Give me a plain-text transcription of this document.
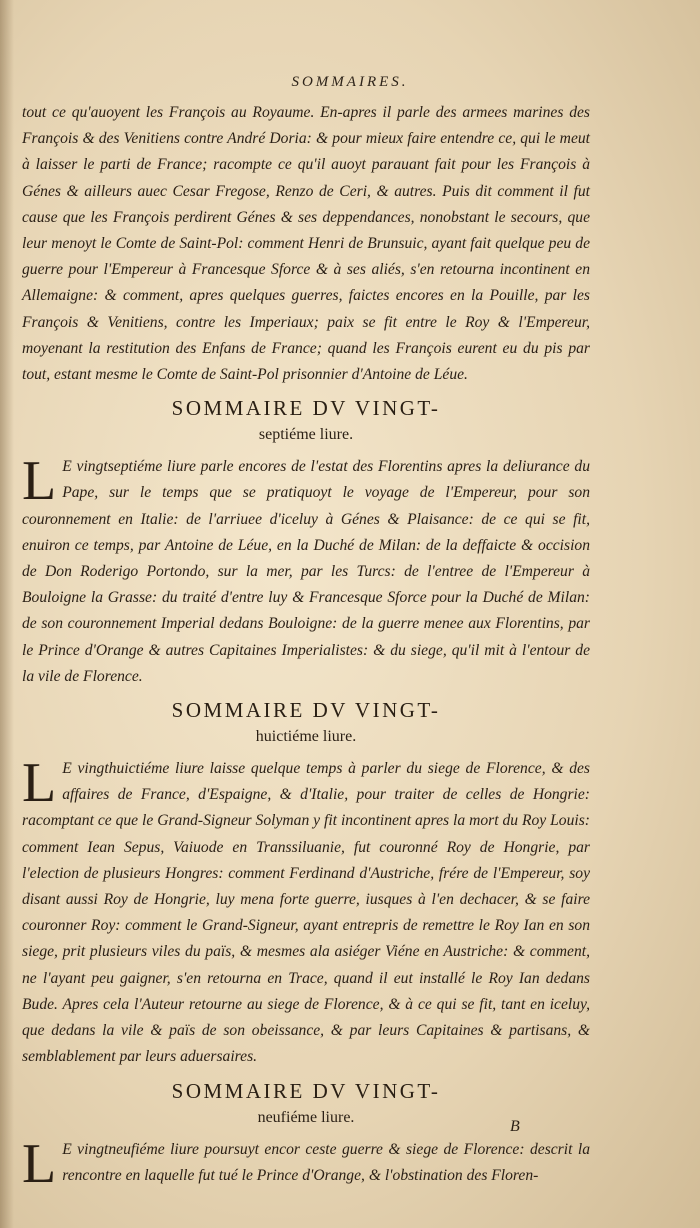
SOMMAIRES.

tout ce qu'auoyent les François au Royaume. En-apres il parle des armees marines des François & des Venitiens contre André Doria: & pour mieux faire entendre ce, qui le meut à laisser le parti de France; racompte ce qu'il auoyt parauant fait pour les François à Génes & ailleurs auec Cesar Fregose, Renzo de Ceri, & autres. Puis dit comment il fut cause que les François perdirent Génes & ses deppendances, nonobstant le secours, que leur menoyt le Comte de Saint-Pol: comment Henri de Brunsuic, ayant fait quelque peu de guerre pour l'Empereur à Francesque Sforce & à ses aliés, s'en retourna incontinent en Allemaigne: & comment, apres quelques guerres, faictes encores en la Pouille, par les François & Venitiens, contre les Imperiaux; paix se fit entre le Roy & l'Empereur, moyenant la restitution des Enfans de France; quand les François eurent eu du pis par tout, estant mesme le Comte de Saint-Pol prisonnier d'Antoine de Léue.

SOMMAIRE DV VINGT-
septiéme liure.
L E vingtseptiéme liure parle encores de l'estat des Florentins apres la deliurance du Pape, sur le temps que se pratiquoyt le voyage de l'Empereur, pour son couronnement en Italie: de l'arriuee d'iceluy à Génes & Plaisance: de ce qui se fit, enuiron ce temps, par Antoine de Léue, en la Duché de Milan: de la deffaicte & occision de Don Roderigo Portondo, sur la mer, par les Turcs: de l'entree de l'Empereur à Bouloigne la Grasse: du traité d'entre luy & Francesque Sforce pour la Duché de Milan: de son couronnement Imperial dedans Bouloigne: de la guerre menee aux Florentins, par le Prince d'Orange & autres Capitaines Imperialistes: & du siege, qu'il mit à l'entour de la vile de Florence.
SOMMAIRE DV VINGT-
huictiéme liure.
L E vingthuictiéme liure laisse quelque temps à parler du siege de Florence, & des affaires de France, d'Espaigne, & d'Italie, pour traiter de celles de Hongrie: racomptant ce que le Grand-Signeur Solyman y fit incontinent apres la mort du Roy Louis: comment Iean Sepus, Vaiuode en Transsiluanie, fut couronné Roy de Hongrie, par l'election de plusieurs Hongres: comment Ferdinand d'Austriche, frére de l'Empereur, soy disant aussi Roy de Hongrie, luy mena forte guerre, iusques à l'en dechacer, & se faire couronner Roy: comment le Grand-Signeur, ayant entrepris de remettre le Roy Ian en son siege, prit plusieurs viles du païs, & mesmes ala asiéger Viéne en Austriche: & comment, ne l'ayant peu gaigner, s'en retourna en Trace, quand il eut installé le Roy Ian dedans Bude. Apres cela l'Auteur retourne au siege de Florence, & à ce qui se fit, tant en iceluy, que dedans la vile & païs de son obeissance, & par leurs Capitaines & partisans, & semblablement par leurs aduersaires.
SOMMAIRE DV VINGT-
neufiéme liure.
L E vingtneufiéme liure poursuyt encor ceste guerre & siege de Florence: descrit la rencontre en laquelle fut tué le Prince d'Orange, & l'obstination des Floren-
B
